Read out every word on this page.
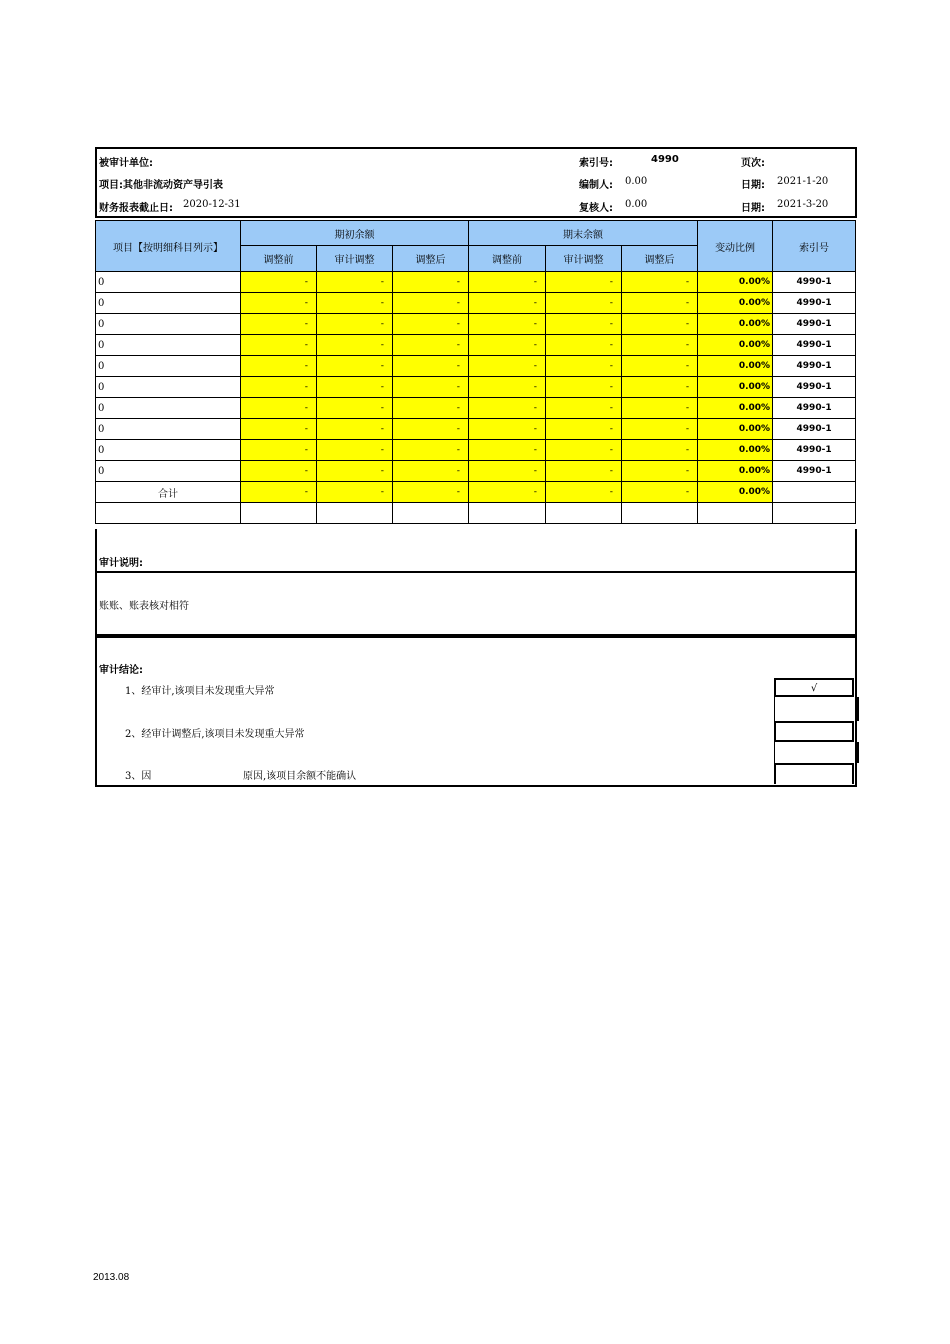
被审计单位:	索引号:	4990	页次:
项目:其他非流动资产导引表	编制人: 0.00	日期: 2021-1-20
财务报表截止日: 2020-12-31	复核人: 0.00	日期: 2021-3-20
项目【按明细科目列示】	期初余额			期末余额			变动比例	索引号
	调整前	审计调整	调整后	调整前	审计调整	调整后		
0	-	-	-	-	-	-	0.00%	4990-1
0	-	-	-	-	-	-	0.00%	4990-1
0	-	-	-	-	-	-	0.00%	4990-1
0	-	-	-	-	-	-	0.00%	4990-1
0	-	-	-	-	-	-	0.00%	4990-1
0	-	-	-	-	-	-	0.00%	4990-1
0	-	-	-	-	-	-	0.00%	4990-1
0	-	-	-	-	-	-	0.00%	4990-1
0	-	-	-	-	-	-	0.00%	4990-1
0	-	-	-	-	-	-	0.00%	4990-1
合计	-	-	-	-	-	-	0.00%	

审计说明:
账账、账表核对相符
审计结论:
1、经审计,该项目未发现重大异常	√
2、经审计调整后,该项目未发现重大异常
3、因	原因,该项目余额不能确认
2013.08
